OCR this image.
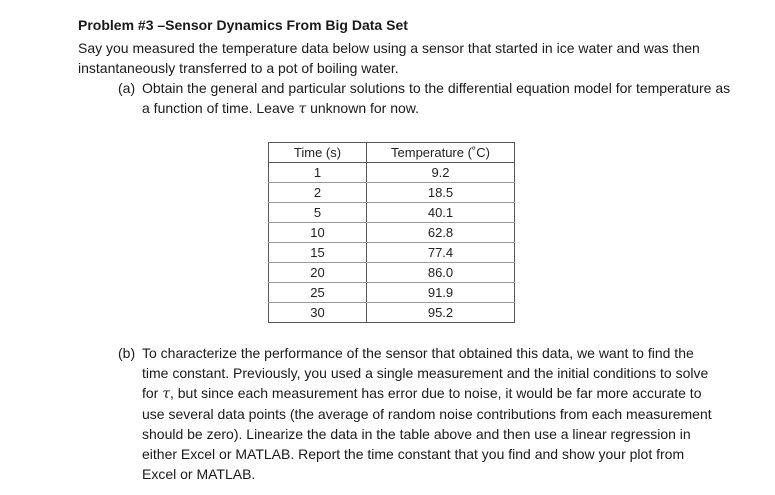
Problem #3 –Sensor Dynamics From Big Data Set
Say you measured the temperature data below using a sensor that started in ice water and was then instantaneously transferred to a pot of boiling water.
(a) Obtain the general and particular solutions to the differential equation model for temperature as a function of time. Leave τ unknown for now.
Time (s)	Temperature (˚C)
1	9.2
2	18.5
5	40.1
10	62.8
15	77.4
20	86.0
25	91.9
30	95.2
(b) To characterize the performance of the sensor that obtained this data, we want to find the time constant. Previously, you used a single measurement and the initial conditions to solve for τ, but since each measurement has error due to noise, it would be far more accurate to use several data points (the average of random noise contributions from each measurement should be zero). Linearize the data in the table above and then use a linear regression in either Excel or MATLAB. Report the time constant that you find and show your plot from Excel or MATLAB.
